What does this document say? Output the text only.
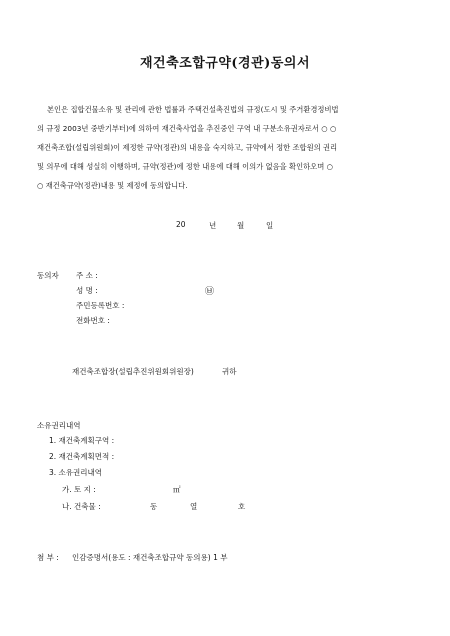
재건축조합규약(경관)동의서

본인은 집합건물소유 및 관리에 관한 법률과 주택건설촉진법의 규정(도시 및 주거환경정비법

의 규정 2003년 중반기부터)에 의하여 재건축사업을 추진중인 구역 내 구분소유권자로서 ○ ○

재건축조합(설립위원회)이 제정한 규약(정관)의 내용을 숙지하고, 규약에서 정한 조합원의 권리

및 의무에 대해 성실히 이행하며, 규약(정관)에 정한 내용에 대해 이의가 없음을 확인하오며 ○

○ 재건축규약(정관)내용 및 제정에 동의합니다.

20	년	월	일
동의자 주 소 :
성 명 :	㉥
주민등록번호 :
전화번호 :
재건축조합장(설립추진위원회위원장)	귀하
소유권리내역
1. 재건축계획구역 :
2. 재건축계획면적 :
3. 소유권리내역
가. 토 지 :	㎡
나. 건축물 :	동	열	호
첨 부 : 인감증명서(용도 : 재건축조합규약 동의용) 1 부
